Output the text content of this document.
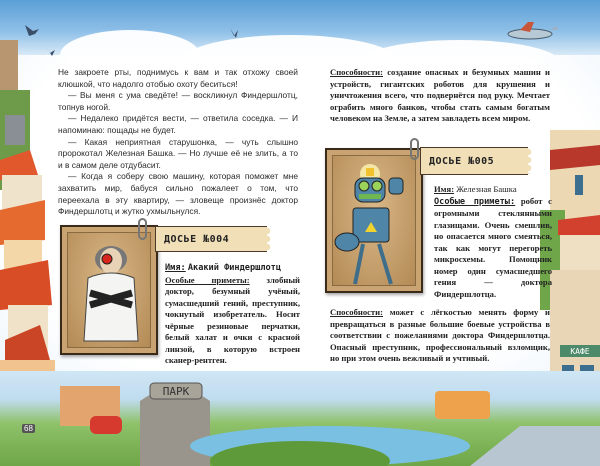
КАФЕ
ПАРК

Не закроете рты, поднимусь к вам и так отхожу своей клюшкой, что надолго отобью охоту беситься!

— Вы меня с ума сведёте! — воскликнул Финдершлотц, топнув ногой.

— Недалеко придётся вести, — ответила соседка. — И напоминаю: пощады не будет.

— Какая неприятная старушонка, — чуть слышно пророкотал Железная Башка. — Но лучше её не злить, а то и в самом деле отдубасит.

— Когда я соберу свою машину, которая поможет мне захватить мир, бабуся сильно пожалеет о том, что переехала в эту квартиру, — зловеще произнёс доктор Финдершлотц и жутко ухмыльнулся.

ДОСЬЕ №004
Имя: Акакий Финдершлотц
Особые приметы: злобный доктор, безумный учёный, сумасшедший гений, преступник, чокнутый изобретатель. Носит чёрные резиновые перчатки, белый халат и очки с красной линзой, в которую встроен сканер-рентген.
Способности: создание опасных и безумных машин и устройств, гигантских роботов для крушения и уничтожения всего, что подвернётся под руку. Мечтает ограбить много банков, чтобы стать самым богатым человеком на Земле, а затем завладеть всем миром.
ДОСЬЕ №005
Имя: Железная Башка
Особые приметы: робот с огромными стеклянными глазищами. Очень смешлив, но опасается много смеяться, так как могут перегореть микросхемы. Помощник номер один сумасшедшего гения — доктора Финдершлотца.
Способности: может с лёгкостью менять форму и превращаться в разные большие боевые устройства в соответствии с пожеланиями доктора Финдершлотца. Опасный преступник, профессиональный взломщик, но при этом очень вежливый и учтивый.
68
